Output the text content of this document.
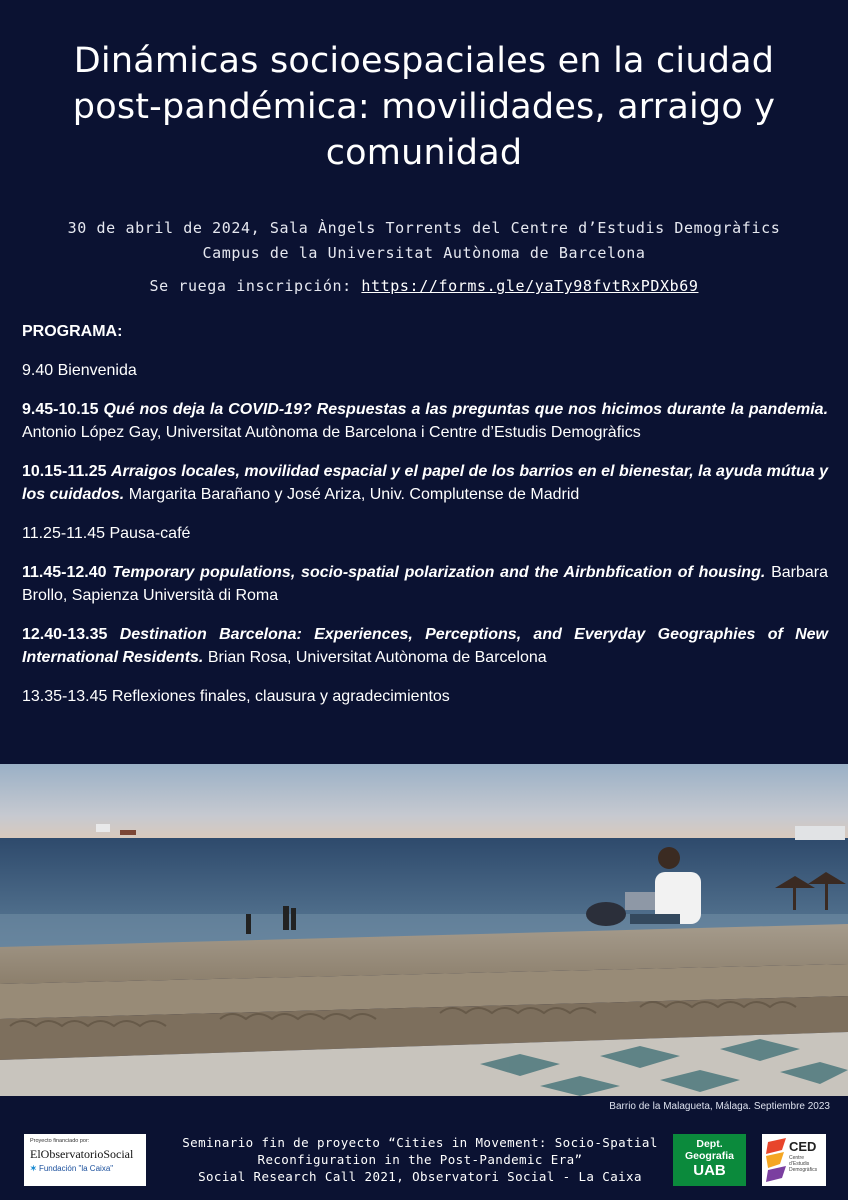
Dinámicas socioespaciales en la ciudad
post-pandémica: movilidades, arraigo y
comunidad
30 de abril de 2024, Sala Àngels Torrents del Centre d’Estudis Demogràfics
Campus de la Universitat Autònoma de Barcelona
Se ruega inscripción: https://forms.gle/yaTy98fvtRxPDXb69
PROGRAMA:
9.40 Bienvenida
9.45-10.15 Qué nos deja la COVID-19? Respuestas a las preguntas que nos hicimos durante la pandemia. Antonio López Gay, Universitat Autònoma de Barcelona i Centre d’Estudis Demogràfics
10.15-11.25 Arraigos locales, movilidad espacial y el papel de los barrios en el bienestar, la ayuda mútua y los cuidados. Margarita Barañano y José Ariza, Univ. Complutense de Madrid
11.25-11.45 Pausa-café
11.45-12.40 Temporary populations, socio-spatial polarization and the Airbnbfication of housing. Barbara Brollo, Sapienza Università di Roma
12.40-13.35 Destination Barcelona: Experiences, Perceptions, and Everyday Geographies of New International Residents. Brian Rosa, Universitat Autònoma de Barcelona
13.35-13.45 Reflexiones finales, clausura y agradecimientos
Barrio de la Malagueta, Málaga. Septiembre 2023
Proyecto financiado por:
ElObservatorioSocial
✶ Fundación "la Caixa"
Seminario fin de proyecto “Cities in Movement: Socio-Spatial
Reconfiguration in the Post-Pandemic Era”
Social Research Call 2021, Observatori Social - La Caixa
Dept.
Geografia
UAB
CED
Centre d’Estudis Demogràfics
